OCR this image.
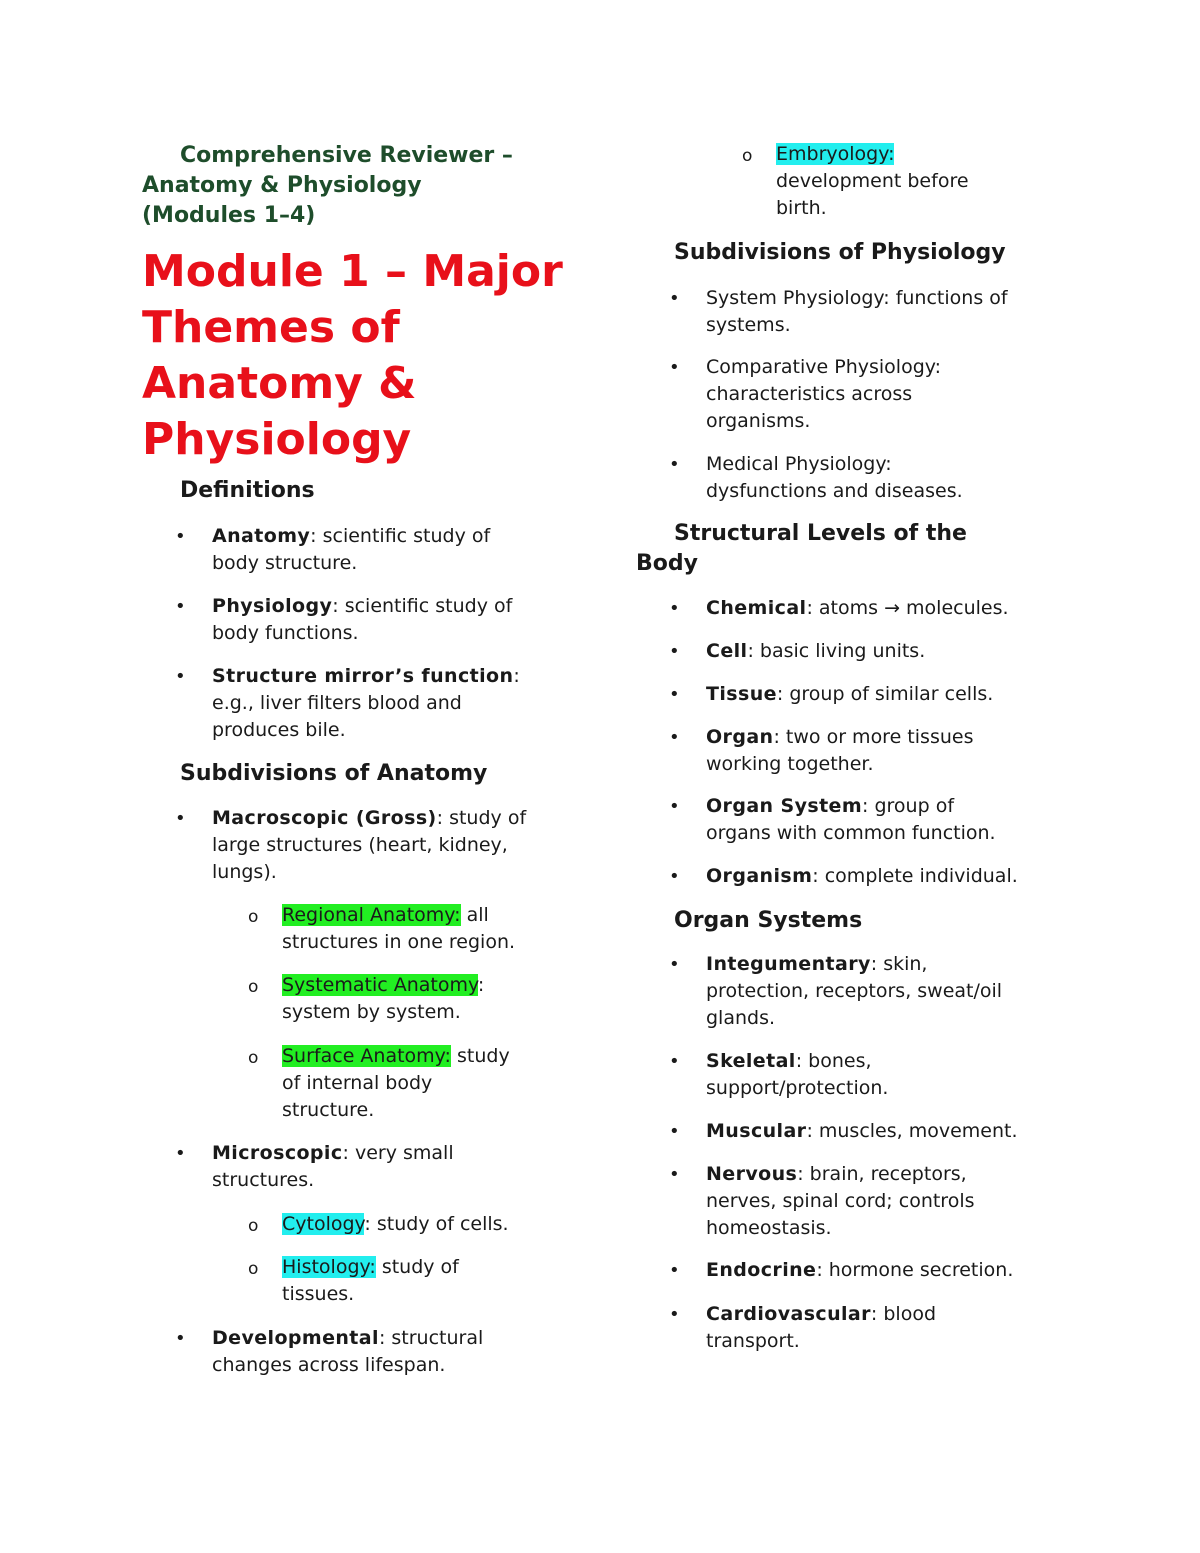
Comprehensive Reviewer –
Anatomy & Physiology
(Modules 1–4)
Module 1 – Major
Themes of
Anatomy &
Physiology
Definitions
• Anatomy: scientific study of
body structure.
• Physiology: scientific study of
body functions.
• Structure mirror’s function:
e.g., liver filters blood and
produces bile.
Subdivisions of Anatomy
• Macroscopic (Gross): study of
large structures (heart, kidney,
lungs).
o Regional Anatomy: all
structures in one region.
o Systematic Anatomy:
system by system.
o Surface Anatomy: study
of internal body
structure.
• Microscopic: very small
structures.
o Cytology: study of cells.
o Histology: study of
tissues.
• Developmental: structural
changes across lifespan.
o Embryology:
development before
birth.
Subdivisions of Physiology
• System Physiology: functions of
systems.
• Comparative Physiology:
characteristics across
organisms.
• Medical Physiology:
dysfunctions and diseases.
Structural Levels of the
Body
• Chemical: atoms → molecules.
• Cell: basic living units.
• Tissue: group of similar cells.
• Organ: two or more tissues
working together.
• Organ System: group of
organs with common function.
• Organism: complete individual.
Organ Systems
• Integumentary: skin,
protection, receptors, sweat/oil
glands.
• Skeletal: bones,
support/protection.
• Muscular: muscles, movement.
• Nervous: brain, receptors,
nerves, spinal cord; controls
homeostasis.
• Endocrine: hormone secretion.
• Cardiovascular: blood
transport.
